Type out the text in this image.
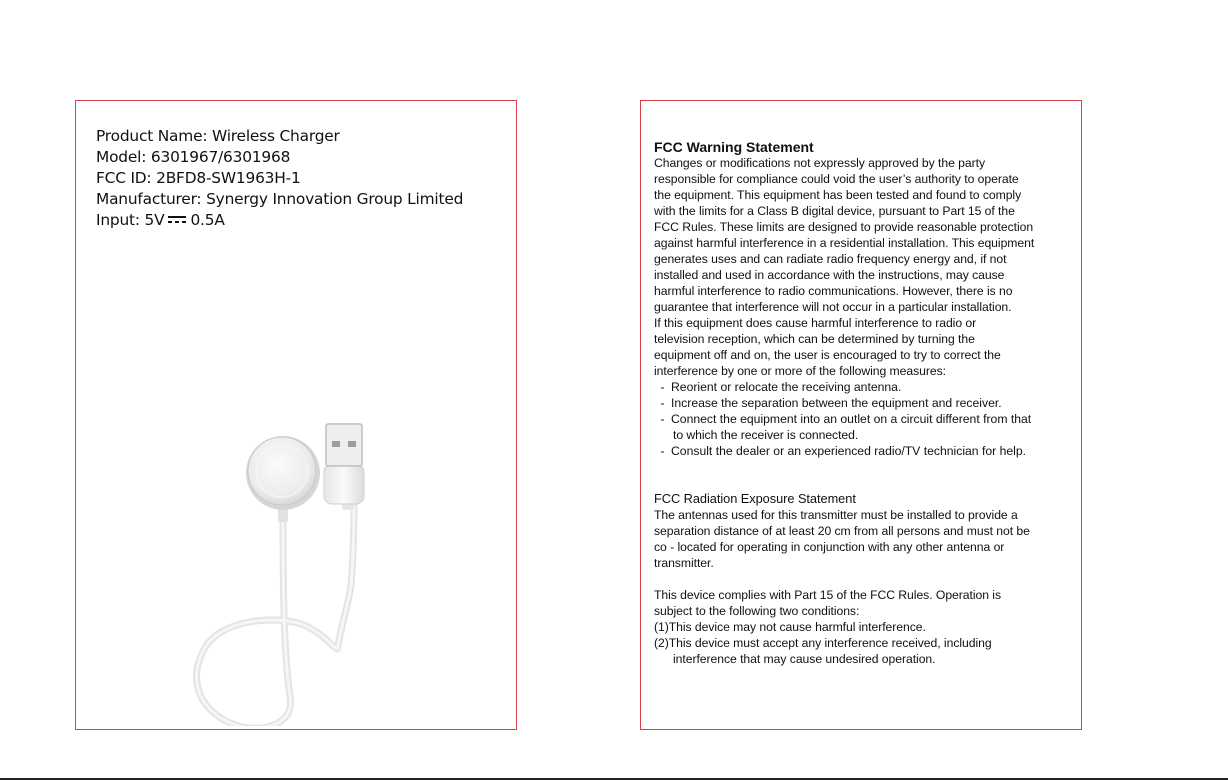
Product Name: Wireless Charger
Model: 6301967/6301968
FCC ID: 2BFD8-SW1963H-1
Manufacturer: Synergy Innovation Group Limited
Input: 5V 0.5A

FCC Warning Statement

Changes or modifications not expressly approved by the party

responsible for compliance could void the user’s authority to operate

the equipment. This equipment has been tested and found to comply

with the limits for a Class B digital device, pursuant to Part 15 of the

FCC Rules. These limits are designed to provide reasonable protection

against harmful interference in a residential installation. This equipment

generates uses and can radiate radio frequency energy and, if not

installed and used in accordance with the instructions, may cause

harmful interference to radio communications. However, there is no

guarantee that interference will not occur in a particular installation.

If this equipment does cause harmful interference to radio or

television reception, which can be determined by turning the

equipment off and on, the user is encouraged to try to correct the

interference by one or more of the following measures:

- Reorient or relocate the receiving antenna.
- Increase the separation between the equipment and receiver.
- Connect the equipment into an outlet on a circuit different from that

to which the receiver is connected.

- Consult the dealer or an experienced radio/TV technician for help.

FCC Radiation Exposure Statement

The antennas used for this transmitter must be installed to provide a

separation distance of at least 20 cm from all persons and must not be

co - located for operating in conjunction with any other antenna or

transmitter.

This device complies with Part 15 of the FCC Rules. Operation is

subject to the following two conditions:

(1)This device may not cause harmful interference.

(2)This device must accept any interference received, including

interference that may cause undesired operation.
